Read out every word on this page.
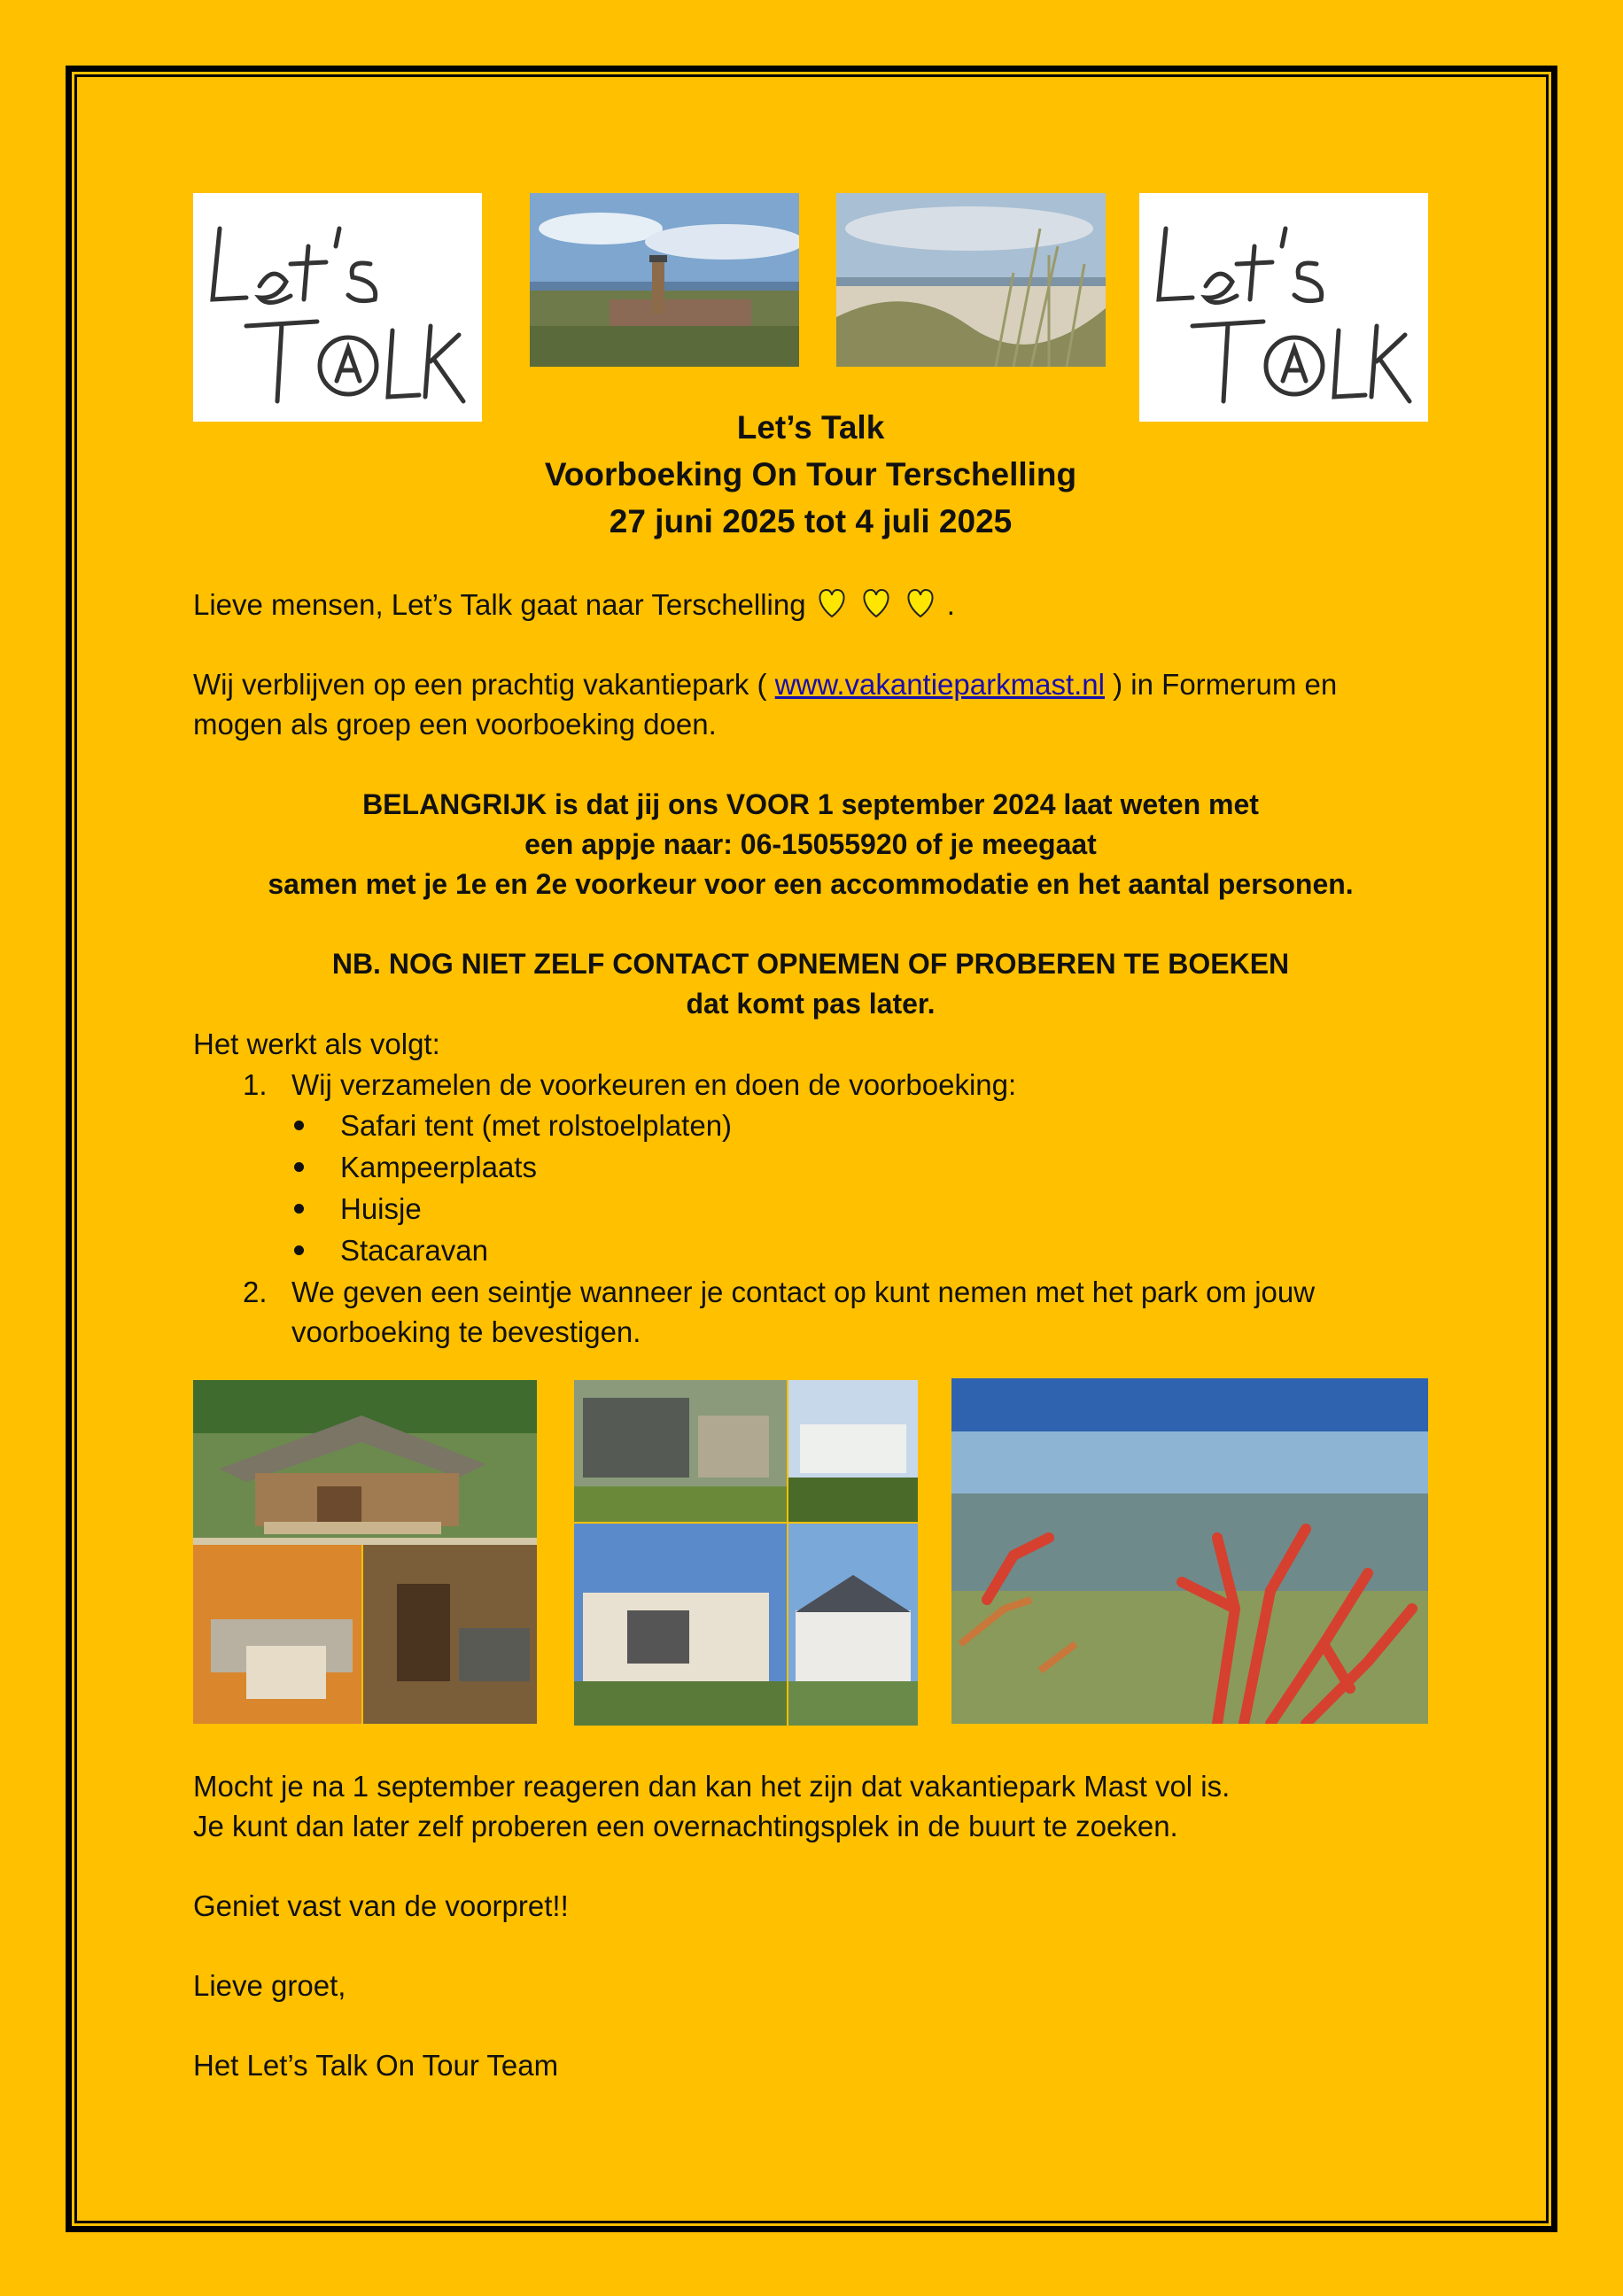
Let’s Talk
Voorboeking On Tour Terschelling
27 juni 2025 tot 4 juli 2025
Lieve mensen, Let’s Talk gaat naar Terschelling	.
Wij verblijven op een prachtig vakantiepark ( www.vakantieparkmast.nl ) in Formerum en
mogen als groep een voorboeking doen.
BELANGRIJK is dat jij ons VOOR 1 september 2024 laat weten met
een appje naar: 06-15055920 of je meegaat
samen met je 1e en 2e voorkeur voor een accommodatie en het aantal personen.
NB. NOG NIET ZELF CONTACT OPNEMEN OF PROBEREN TE BOEKEN
dat komt pas later.
Het werkt als volgt:
1. Wij verzamelen de voorkeuren en doen de voorboeking:
Safari tent (met rolstoelplaten)
Kampeerplaats
Huisje
Stacaravan
2. We geven een seintje wanneer je contact op kunt nemen met het park om jouw
voorboeking te bevestigen.
Mocht je na 1 september reageren dan kan het zijn dat vakantiepark Mast vol is.
Je kunt dan later zelf proberen een overnachtingsplek in de buurt te zoeken.
Geniet vast van de voorpret!!
Lieve groet,
Het Let’s Talk On Tour Team
